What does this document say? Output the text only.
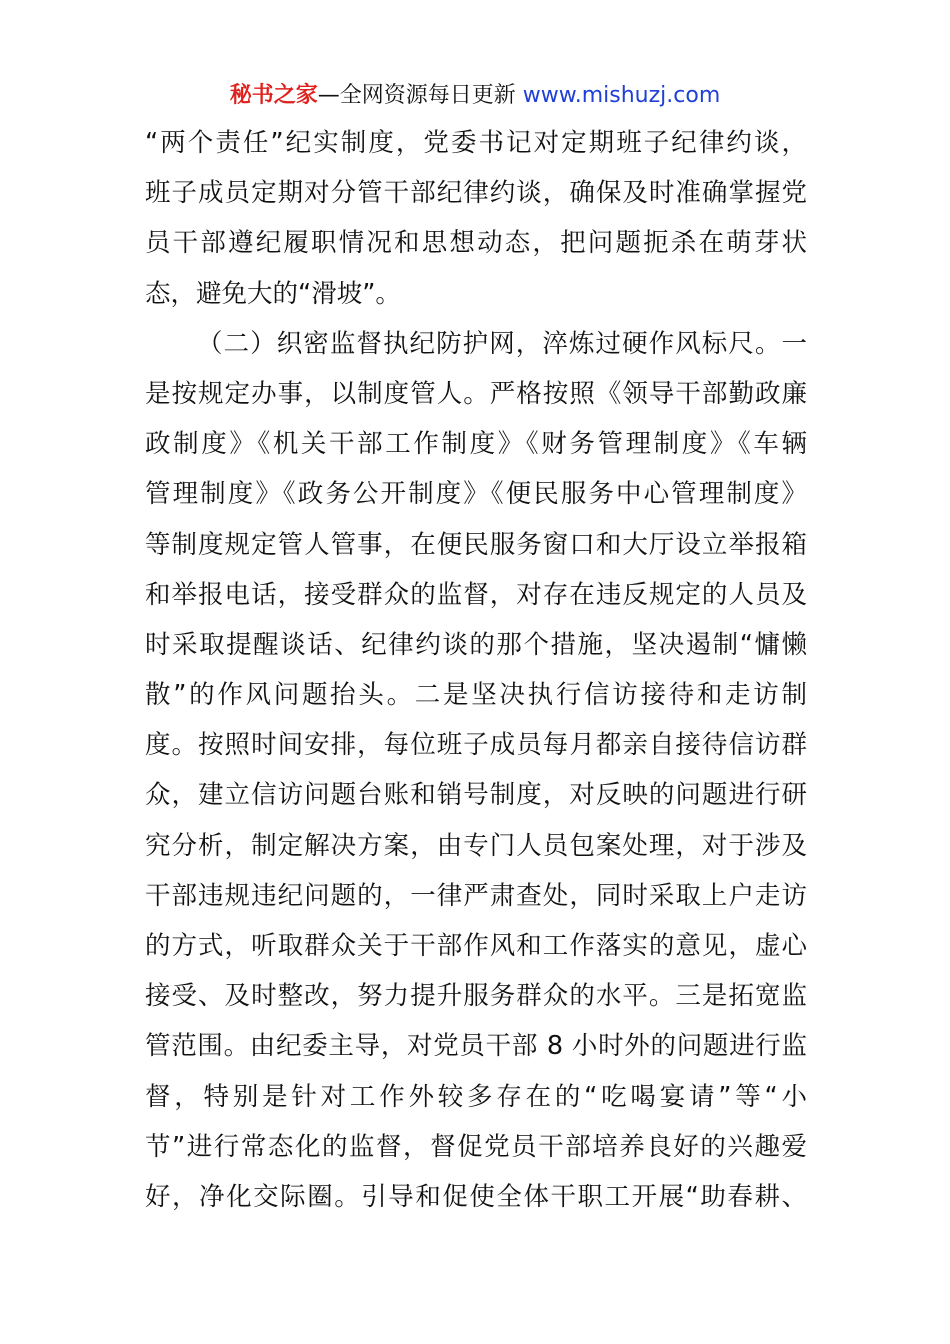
秘书之家—全网资源每日更新 www.mishuzj.com
“两个责任”纪实制度，党委书记对定期班子纪律约谈，
班子成员定期对分管干部纪律约谈，确保及时准确掌握党
员干部遵纪履职情况和思想动态，把问题扼杀在萌芽状
态，避免大的“滑坡”。
（二）织密监督执纪防护网，淬炼过硬作风标尺。一
是按规定办事，以制度管人。严格按照《领导干部勤政廉
政制度》《机关干部工作制度》《财务管理制度》《车辆
管理制度》《政务公开制度》《便民服务中心管理制度》
等制度规定管人管事，在便民服务窗口和大厅设立举报箱
和举报电话，接受群众的监督，对存在违反规定的人员及
时采取提醒谈话、纪律约谈的那个措施，坚决遏制“慵懒
散”的作风问题抬头。二是坚决执行信访接待和走访制
度。按照时间安排，每位班子成员每月都亲自接待信访群
众，建立信访问题台账和销号制度，对反映的问题进行研
究分析，制定解决方案，由专门人员包案处理，对于涉及
干部违规违纪问题的，一律严肃查处，同时采取上户走访
的方式，听取群众关于干部作风和工作落实的意见，虚心
接受、及时整改，努力提升服务群众的水平。三是拓宽监
管范围。由纪委主导，对党员干部 8 小时外的问题进行监
督，特别是针对工作外较多存在的“吃喝宴请”等“小
节”进行常态化的监督，督促党员干部培养良好的兴趣爱
好，净化交际圈。引导和促使全体干职工开展“助春耕、
